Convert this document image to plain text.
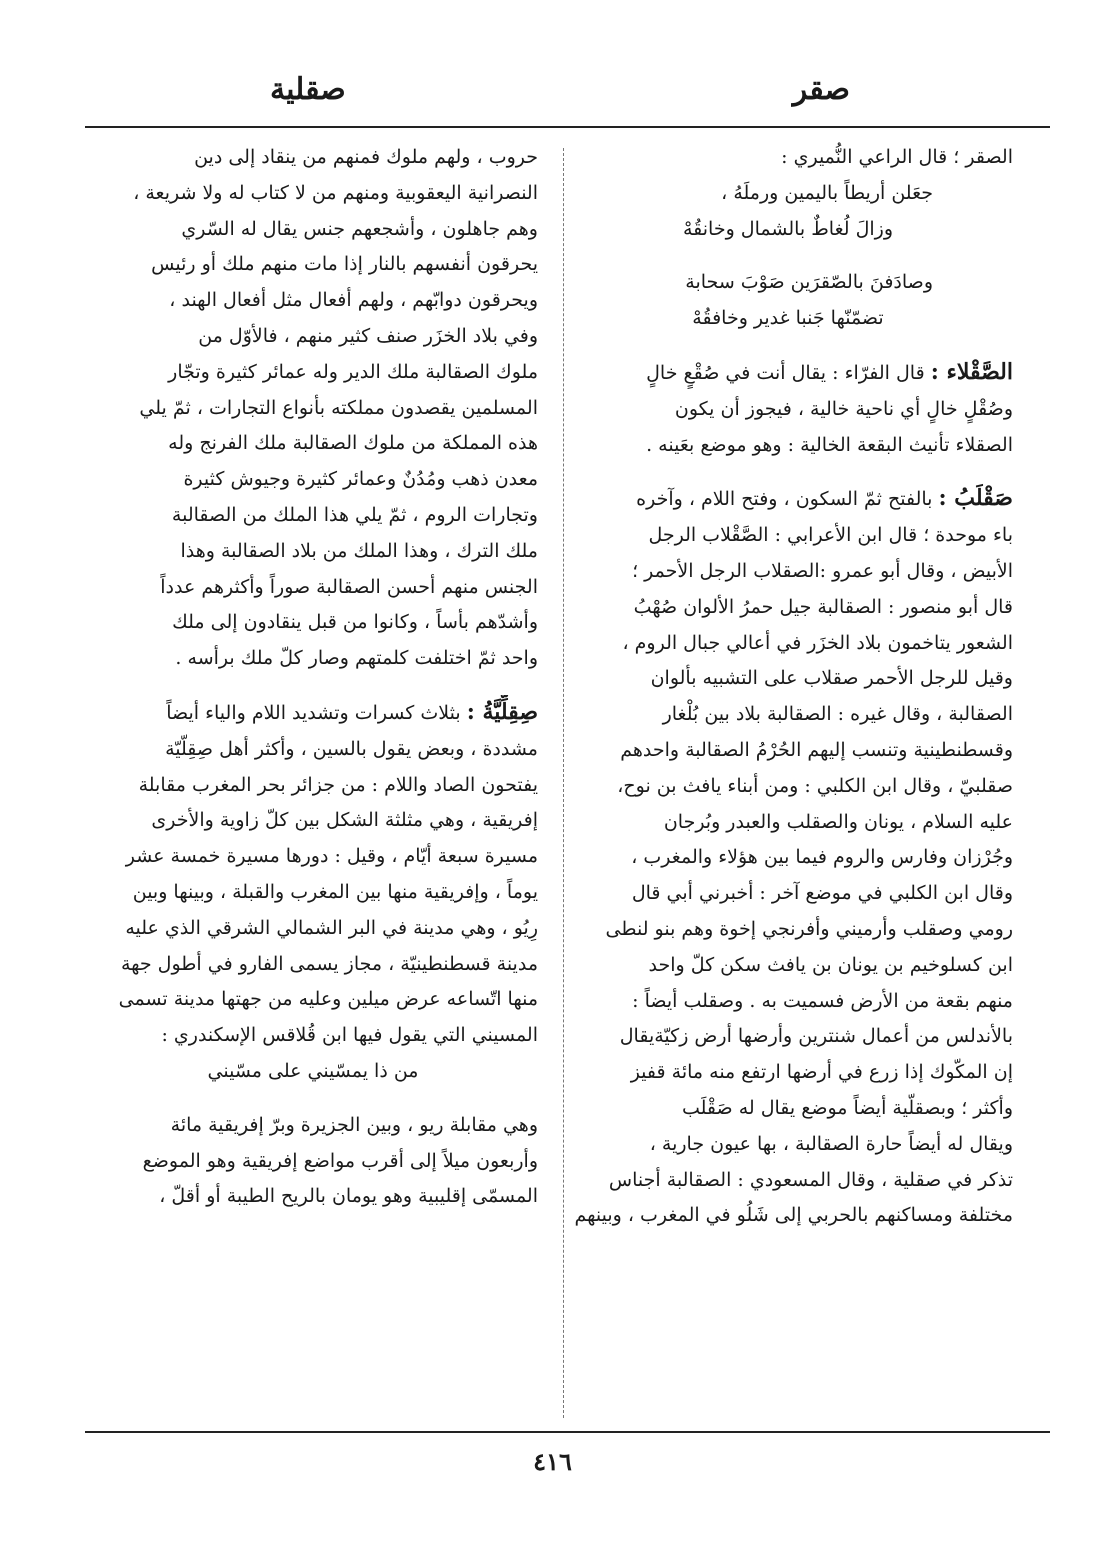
صقر
صقلية

الصقر ؛ قال الراعي النُّميري :

جعَلن أريطاً باليمين ورملَهُ ،

وزالَ لُغاطٌ بالشمال وخانقُهْ

وصادَفنَ بالصّقرَين صَوْبَ سحابة

تضمّنّها جَنبا غدير وخافقُهْ

الصَّقْلاء : قال الفرّاء : يقال أنت في صُقْعٍ خالٍ

وصُقْلٍ خالٍ أي ناحية خالية ، فيجوز أن يكون

الصقلاء تأنيث البقعة الخالية : وهو موضع بعَينه .

صَقْلَبُ : بالفتح ثمّ السكون ، وفتح اللام ، وآخره

باء موحدة ؛ قال ابن الأعرابي : الصَّقْلاب الرجل

الأبيض ، وقال أبو عمرو :الصقلاب الرجل الأحمر ؛

قال أبو منصور : الصقالبة جيل حمرُ الألوان صُهْبُ

الشعور يتاخمون بلاد الخزَر في أعالي جبال الروم ،

وقيل للرجل الأحمر صقلاب على التشبيه بألوان

الصقالبة ، وقال غيره : الصقالبة بلاد بين بُلْغار

وقسطنطينية وتنسب إليهم الحُرْمُ الصقالبة واحدهم

صقلبيّ ، وقال ابن الكلبي : ومن أبناء يافث بن نوح،

عليه السلام ، يونان والصقلب والعبدر وبُرجان

وجُرْزان وفارس والروم فيما بين هؤلاء والمغرب ،

وقال ابن الكلبي في موضع آخر : أخبرني أبي قال

رومي وصقلب وأرميني وأفرنجي إخوة وهم بنو لنطى

ابن كسلوخيم بن يونان بن يافث سكن كلّ واحد

منهم بقعة من الأرض فسميت به . وصقلب أيضاً :

بالأندلس من أعمال شنترين وأرضها أرض زكيّةيقال

إن المكّوك إذا زرع في أرضها ارتفع منه مائة قفيز

وأكثر ؛ وبصقلّية أيضاً موضع يقال له صَقْلَب

ويقال له أيضاً حارة الصقالبة ، بها عيون جارية ،

تذكر في صقلية ، وقال المسعودي : الصقالبة أجناس

مختلفة ومساكنهم بالحربي إلى شَلُو في المغرب ، وبينهم

حروب ، ولهم ملوك فمنهم من ينقاد إلى دين

النصرانية اليعقوبية ومنهم من لا كتاب له ولا شريعة ،

وهم جاهلون ، وأشجعهم جنس يقال له السّري

يحرقون أنفسهم بالنار إذا مات منهم ملك أو رئيس

ويحرقون دوابّهم ، ولهم أفعال مثل أفعال الهند ،

وفي بلاد الخزَر صنف كثير منهم ، فالأوّل من

ملوك الصقالبة ملك الدير وله عمائر كثيرة وتجّار

المسلمين يقصدون مملكته بأنواع التجارات ، ثمّ يلي

هذه المملكة من ملوك الصقالبة ملك الفرنج وله

معدن ذهب ومُدُنٌ وعمائر كثيرة وجيوش كثيرة

وتجارات الروم ، ثمّ يلي هذا الملك من الصقالبة

ملك الترك ، وهذا الملك من بلاد الصقالبة وهذا

الجنس منهم أحسن الصقالبة صوراً وأكثرهم عدداً

وأشدّهم بأساً ، وكانوا من قبل ينقادون إلى ملك

واحد ثمّ اختلفت كلمتهم وصار كلّ ملك برأسه .

صِقِلِّيَّةُ : بثلاث كسرات وتشديد اللام والياء أيضاً

مشددة ، وبعض يقول بالسين ، وأكثر أهل صِقِلّيّة

يفتحون الصاد واللام : من جزائر بحر المغرب مقابلة

إفريقية ، وهي مثلثة الشكل بين كلّ زاوية والأخرى

مسيرة سبعة أيّام ، وقيل : دورها مسيرة خمسة عشر

يوماً ، وإفريقية منها بين المغرب والقبلة ، وبينها وبين

رِيُو ، وهي مدينة في البر الشمالي الشرقي الذي عليه

مدينة قسطنطينيّة ، مجاز يسمى الفارو في أطول جهة

منها اتّساعه عرض ميلين وعليه من جهتها مدينة تسمى

المسيني التي يقول فيها ابن قُلاقس الإسكندري :

من ذا يمسّيني على مسّيني

وهي مقابلة ريو ، وبين الجزيرة وبرّ إفريقية مائة

وأربعون ميلاً إلى أقرب مواضع إفريقية وهو الموضع

المسمّى إقليبية وهو يومان بالريح الطيبة أو أقلّ ،

٤١٦
